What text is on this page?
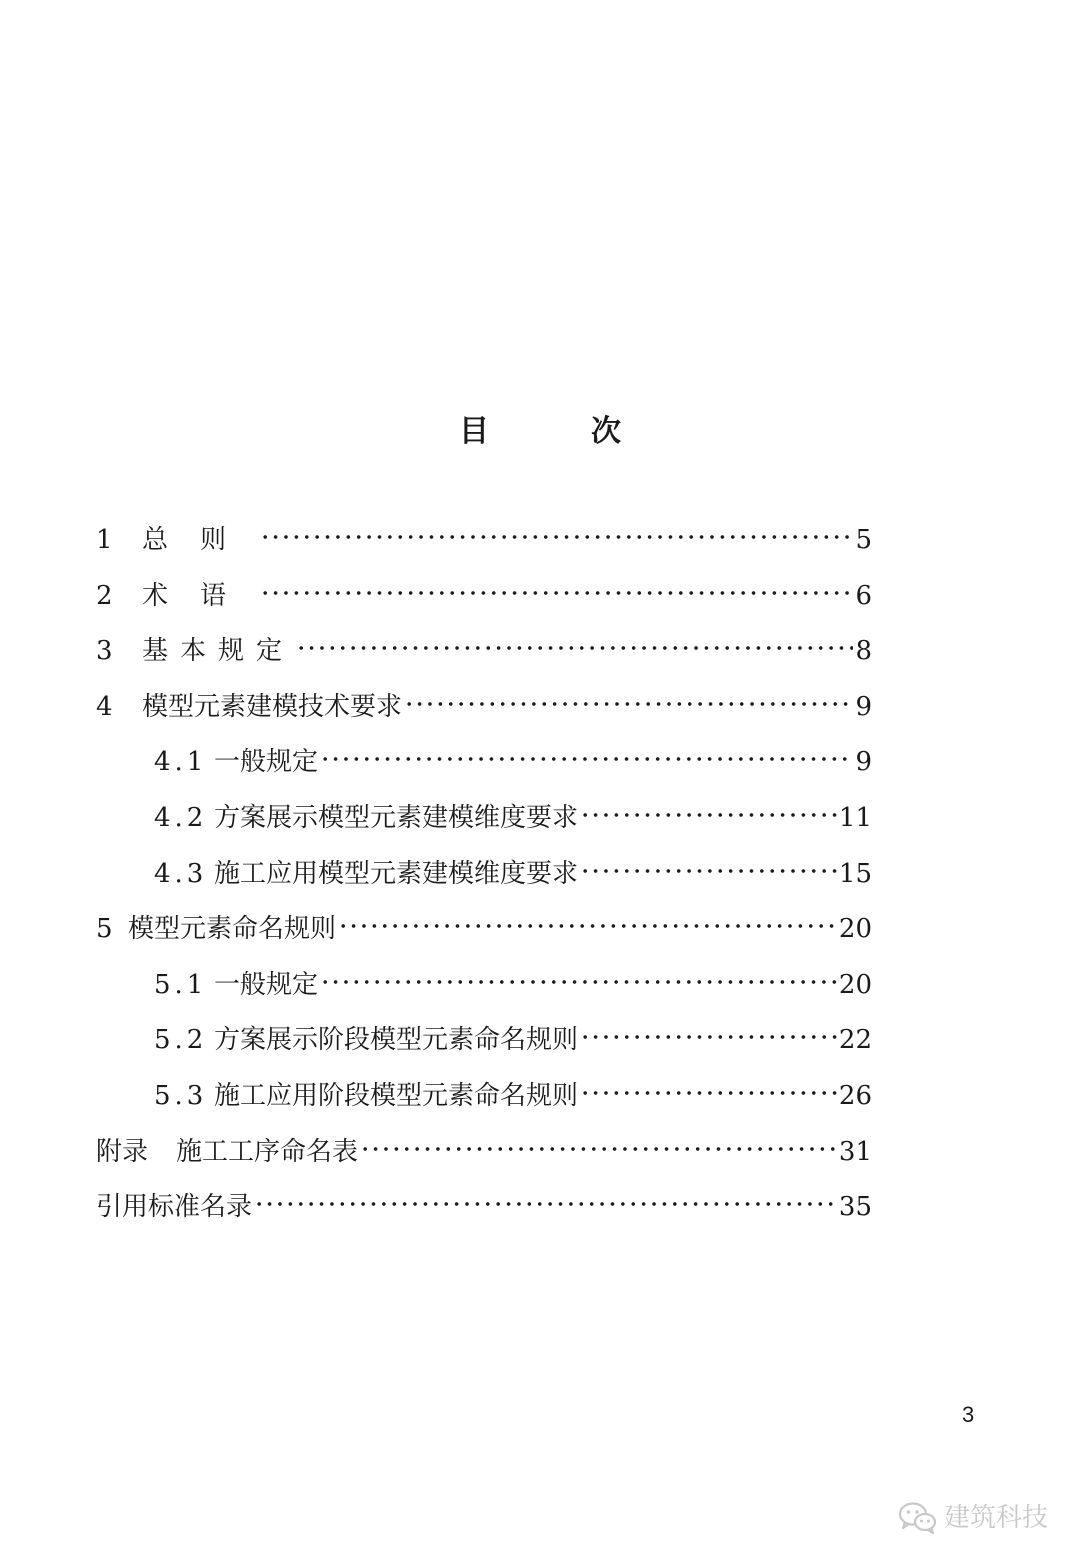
目　次
1	总则	5
2	术语	6
3	基本规定	8
4	模型元素建模技术要求	9
4.1 一般规定	9
4.2 方案展示模型元素建模维度要求	11
4.3 施工应用模型元素建模维度要求	15
5 模型元素命名规则	20
5.1 一般规定	20
5.2 方案展示阶段模型元素命名规则	22
5.3 施工应用阶段模型元素命名规则	26
附录 施工工序命名表	31
引用标准名录	35
3
建筑科技
